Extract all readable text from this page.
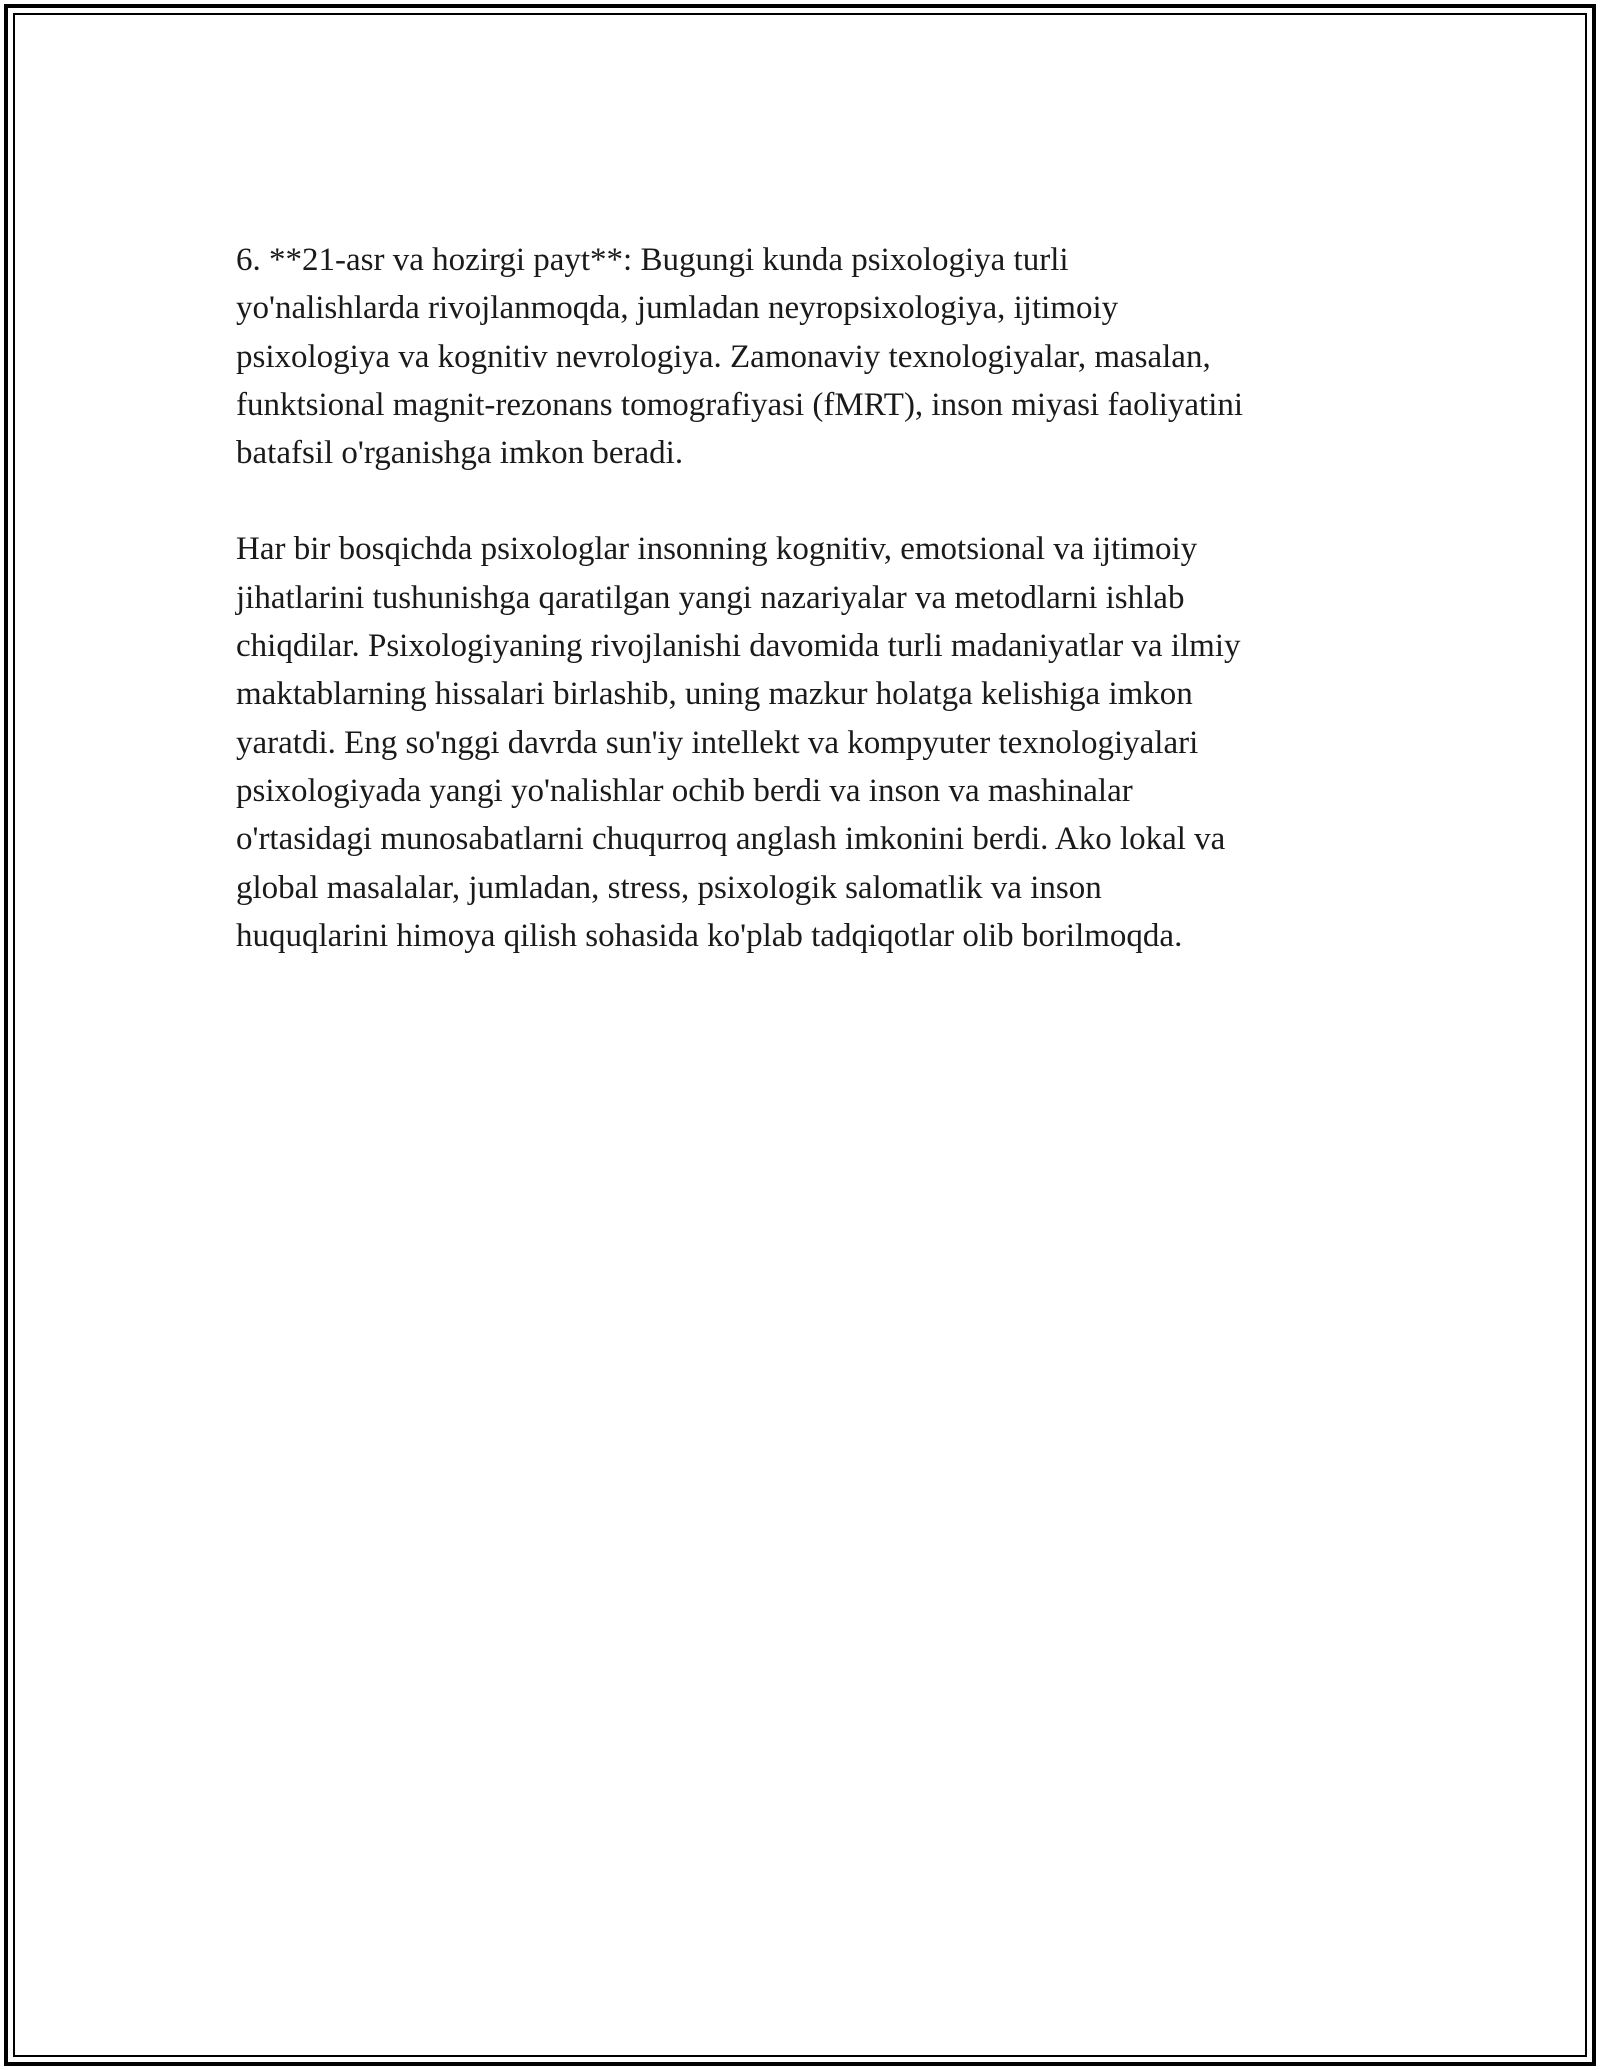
6. **21-asr va hozirgi payt**: Bugungi kunda psixologiya turli
yo'nalishlarda rivojlanmoqda, jumladan neyropsixologiya, ijtimoiy
psixologiya va kognitiv nevrologiya. Zamonaviy texnologiyalar, masalan,
funktsional magnit-rezonans tomografiyasi (fMRT), inson miyasi faoliyatini
batafsil o'rganishga imkon beradi.

Har bir bosqichda psixologlar insonning kognitiv, emotsional va ijtimoiy
jihatlarini tushunishga qaratilgan yangi nazariyalar va metodlarni ishlab
chiqdilar. Psixologiyaning rivojlanishi davomida turli madaniyatlar va ilmiy
maktablarning hissalari birlashib, uning mazkur holatga kelishiga imkon
yaratdi. Eng so'nggi davrda sun'iy intellekt va kompyuter texnologiyalari
psixologiyada yangi yo'nalishlar ochib berdi va inson va mashinalar
o'rtasidagi munosabatlarni chuqurroq anglash imkonini berdi. Ako lokal va
global masalalar, jumladan, stress, psixologik salomatlik va inson
huquqlarini himoya qilish sohasida ko'plab tadqiqotlar olib borilmoqda.
